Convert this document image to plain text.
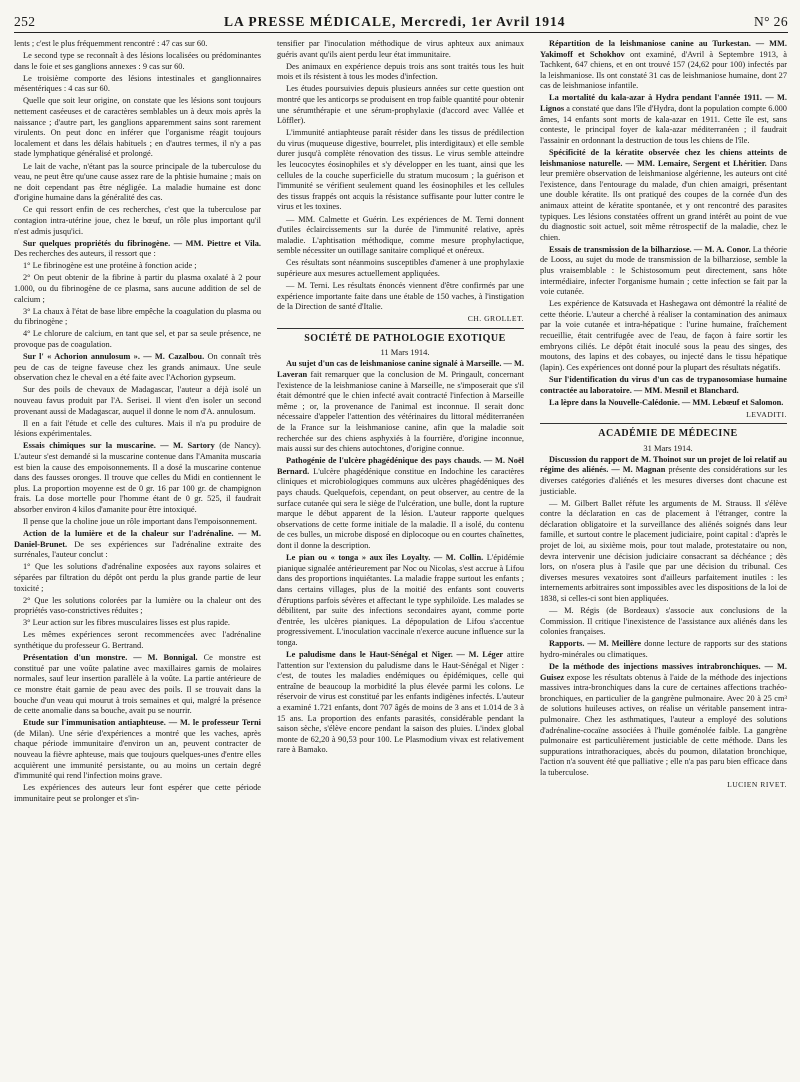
252	LA PRESSE MÉDICALE, Mercredi, 1er Avril 1914	N° 26

lents ; c'est le plus fréquemment rencontré : 47 cas sur 60.

Le second type se reconnaît à des lésions localisées ou prédominantes dans le foie et ses ganglions annexes : 9 cas sur 60.

Le troisième comporte des lésions intestinales et ganglionnaires mésentériques : 4 cas sur 60.

Quelle que soit leur origine, on constate que les lésions sont toujours nettement caséeuses et de caractères semblables un à deux mois après la naissance ; d'autre part, les ganglions apparemment sains sont rarement virulents. On peut donc en inférer que l'organisme réagit toujours localement et dans les délais habituels ; en d'autres termes, il n'y a pas stade lymphatique généralisé et prolongé.

Le lait de vache, n'étant pas la source principale de la tuberculose du veau, ne peut être qu'une cause assez rare de la phtisie humaine ; mais on ne doit cependant pas être négligée. La maladie humaine est donc d'origine humaine dans la généralité des cas.

Ce qui ressort enfin de ces recherches, c'est que la tuberculose par contagion intra-utérine joue, chez le bœuf, un rôle plus important qu'il n'est admis jusqu'ici.

Sur quelques propriétés du fibrinogène. — MM. Piettre et Vila. Des recherches des auteurs, il ressort que :

1° Le fibrinogène est une protéine à fonction acide ;

2° On peut obtenir de la fibrine à partir du plasma oxalaté à 2 pour 1.000, ou du fibrinogène de ce plasma, sans aucune addition de sel de calcium ;

3° La chaux à l'état de base libre empêche la coagulation du plasma ou du fibrinogène ;

4° Le chlorure de calcium, en tant que sel, et par sa seule présence, ne provoque pas de coagulation.

Sur l' « Achorion annulosum ». — M. Cazalbou. On connaît très peu de cas de teigne faveuse chez les grands animaux. Une seule observation chez le cheval en a été faite avec l'Achorion gypseum.

Sur des poils de chevaux de Madagascar, l'auteur a déjà isolé un nouveau favus produit par l'A. Serisei. Il vient d'en isoler un second provenant aussi de Madagascar, auquel il donne le nom d'A. annulosum.

Il en a fait l'étude et celle des cultures. Mais il n'a pu produire de lésions expérimentales.

Essais chimiques sur la muscarine. — M. Sartory (de Nancy). L'auteur s'est demandé si la muscarine contenue dans l'Amanita muscaria est bien la cause des empoisonnements. Il a dosé la muscarine contenue dans des fausses oronges. Il trouve que celles du Midi en contiennent le plus. La proportion moyenne est de 0 gr. 16 par 100 gr. de champignon frais. La dose mortelle pour l'homme étant de 0 gr. 525, il faudrait absorber environ 4 kilos d'amanite pour être intoxiqué.

Il pense que la choline joue un rôle important dans l'empoisonnement.

Action de la lumière et de la chaleur sur l'adrénaline. — M. Daniel-Brunet. De ses expériences sur l'adrénaline extraite des surrénales, l'auteur conclut :

1° Que les solutions d'adrénaline exposées aux rayons solaires et séparées par filtration du dépôt ont perdu la plus grande partie de leur toxicité ;

2° Que les solutions colorées par la lumière ou la chaleur ont des propriétés vaso-constrictives réduites ;

3° Leur action sur les fibres musculaires lisses est plus rapide.

Les mêmes expériences seront recommencées avec l'adrénaline synthétique du professeur G. Bertrand.

Présentation d'un monstre. — M. Bonnigal. Ce monstre est constitué par une voûte palatine avec maxillaires garnis de molaires normales, sauf leur insertion parallèle à la voûte. La partie antérieure de ce monstre était garnie de peau avec des poils. Il se trouvait dans la bouche d'un veau qui mourut à trois semaines et qui, malgré la présence de cette anomalie dans sa bouche, avait pu se nourrir.

Etude sur l'immunisation antiaphteuse. — M. le professeur Terni (de Milan). Une série d'expériences a montré que les vaches, après chaque période immunitaire d'environ un an, peuvent contracter de nouveau la fièvre aphteuse, mais que toujours quelques-unes d'entre elles acquièrent une immunité persistante, ou au moins un certain degré d'immunité qui rend l'infection moins grave.

Les expériences des auteurs leur font espérer que cette période immunitaire peut se prolonger et s'in-

tensifier par l'inoculation méthodique de virus aphteux aux animaux guéris avant qu'ils aient perdu leur état immunitaire.

Des animaux en expérience depuis trois ans sont traités tous les huit mois et ils résistent à tous les modes d'infection.

Les études poursuivies depuis plusieurs années sur cette question ont montré que les anticorps se produisent en trop faible quantité pour obtenir une sérumthérapie et une sérum-prophylaxie (d'accord avec Vallée et Löffler).

L'immunité antiaphteuse paraît résider dans les tissus de prédilection du virus (muqueuse digestive, bourrelet, plis interdigitaux) et elle semble durer jusqu'à complète rénovation des tissus. Le virus semble atteindre les leucocytes éosinophiles et s'y développer en les tuant, ainsi que les cellules de la couche superficielle du stratum mucosum ; la guérison et l'immunité se vérifient seulement quand les éosinophiles et les cellules des tissus frappés ont acquis la résistance suffisante pour lutter contre le virus et les toxines.

— MM. Calmette et Guérin. Les expériences de M. Terni donnent d'utiles éclaircissements sur la durée de l'immunité relative, après maladie. L'aphtisation méthodique, comme mesure prophylactique, semble nécessiter un outillage sanitaire compliqué et onéreux.

Ces résultats sont néanmoins susceptibles d'amener à une prophylaxie supérieure aux mesures actuellement appliquées.

— M. Terni. Les résultats énoncés viennent d'être confirmés par une expérience importante faite dans une étable de 150 vaches, à l'instigation de la Direction de santé d'Italie.

CH. GROLLET.

SOCIÉTÉ DE PATHOLOGIE EXOTIQUE

11 Mars 1914.

Au sujet d'un cas de leishmaniose canine signalé à Marseille. — M. Laveran fait remarquer que la conclusion de M. Pringault, concernant l'existence de la leishmaniose canine à Marseille, ne s'imposerait que s'il était démontré que le chien infecté avait contracté l'infection à Marseille même ; or, la provenance de l'animal est inconnue. Il serait donc nécessaire d'appeler l'attention des vétérinaires du littoral méditerranéen de la France sur la leishmaniose canine, afin que la maladie soit recherchée sur des chiens asphyxiés à la fourrière, d'origine inconnue, mais aussi sur des chiens autochtones, d'origine connue.

Pathogénie de l'ulcère phagédénique des pays chauds. — M. Noël Bernard. L'ulcère phagédénique constitue en Indochine les caractères cliniques et microbiologiques communs aux ulcères phagédéniques des pays chauds. Quelquefois, cependant, on peut observer, au centre de la surface cutanée qui sera le siège de l'ulcération, une bulle, dont la rupture marque le début apparent de la lésion. L'auteur rapporte quelques observations de cette forme initiale de la maladie. Il a isolé, du contenu de ces bulles, un microbe disposé en diplocoque ou en courtes chaînettes, dont il donne la description.

Le pian ou « tonga » aux îles Loyalty. — M. Collin. L'épidémie pianique signalée antérieurement par Noc ou Nicolas, s'est accrue à Lifou dans des proportions inquiétantes. La maladie frappe surtout les enfants ; dans certains villages, plus de la moitié des enfants sont couverts d'éruptions parfois sévères et affectant le type syphiloïde. Les malades se débilitent, par suite des infections secondaires ayant, comme porte d'entrée, les ulcères pianiques. La dépopulation de Lifou s'accentue progressivement. L'inoculation vaccinale n'exerce aucune influence sur la tonga.

Le paludisme dans le Haut-Sénégal et Niger. — M. Léger attire l'attention sur l'extension du paludisme dans le Haut-Sénégal et Niger : c'est, de toutes les maladies endémiques ou épidémiques, celle qui entraîne de beaucoup la morbidité la plus élevée parmi les colons. Le réservoir de virus est constitué par les enfants indigènes infectés. L'auteur a examiné 1.721 enfants, dont 707 âgés de moins de 3 ans et 1.014 de 3 à 15 ans. La proportion des enfants parasités, considérable pendant la saison sèche, s'élève encore pendant la saison des pluies. L'index global monte de 62,20 à 90,53 pour 100. Le Plasmodium vivax est relativement rare à Bamako.

Répartition de la leishmaniose canine au Turkestan. — MM. Yakimoff et Schokhov ont examiné, d'Avril à Septembre 1913, à Tachkent, 647 chiens, et en ont trouvé 157 (24,62 pour 100) infectés par la leishmaniose. Ils ont constaté 31 cas de leishmaniose humaine, dont 27 cas de leishmaniose infantile.

La mortalité du kala-azar à Hydra pendant l'année 1911. — M. Lignos a constaté que dans l'île d'Hydra, dont la population compte 6.000 âmes, 14 enfants sont morts de kala-azar en 1911. Cette île est, sans conteste, le principal foyer de kala-azar méditerranéen ; il faudrait l'assainir en ordonnant la destruction de tous les chiens de l'île.

Spécificité de la kératite observée chez les chiens atteints de leishmaniose naturelle. — MM. Lemaire, Sergent et Lhéritier. Dans leur première observation de leishmaniose algérienne, les auteurs ont cité l'existence, dans l'entourage du malade, d'un chien amaigri, présentant une double kératite. Ils ont pratiqué des coupes de la cornée d'un des animaux atteint de kératite spontanée, et y ont rencontré des parasites typiques. Les lésions constatées offrent un grand intérêt au point de vue du diagnostic soit actuel, soit même rétrospectif de la maladie, chez le chien.

Essais de transmission de la bilharziose. — M. A. Conor. La théorie de Looss, au sujet du mode de transmission de la bilharziose, semble la plus vraisemblable : le Schistosomum peut directement, sans hôte intermédiaire, infecter l'organisme humain ; cette infection se fait par la voie cutanée.

Les expérience de Katsuvada et Hashegawa ont démontré la réalité de cette théorie. L'auteur a cherché à réaliser la contamination des animaux par la voie cutanée et intra-hépatique : l'urine humaine, fraîchement recueillie, était centrifugée avec de l'eau, de façon à faire sortir les embryons ciliés. Le dépôt était inoculé sous la peau des singes, des moutons, des lapins et des cobayes, ou injecté dans le tissu hépatique (lapin). Ces expériences ont donné pour la plupart des résultats négatifs.

Sur l'identification du virus d'un cas de trypanosomiase humaine contractée au laboratoire. — MM. Mesnil et Blanchard.

La lèpre dans la Nouvelle-Calédonie. — MM. Lebœuf et Salomon.

LEVADITI.

ACADÉMIE DE MÉDECINE

31 Mars 1914.

Discussion du rapport de M. Thoinot sur un projet de loi relatif au régime des aliénés. — M. Magnan présente des considérations sur les diverses catégories d'aliénés et les mesures diverses dont chacune est justiciable.

— M. Gilbert Ballet réfute les arguments de M. Strauss. Il s'élève contre la déclaration en cas de placement à l'étranger, contre la déclaration obligatoire et la surveillance des aliénés soignés dans leur famille, et surtout contre le placement judiciaire, point capital : d'après le projet de loi, au sixième mois, pour tout malade, protestataire ou non, devra intervenir une décision judiciaire consacrant sa déchéance ; dès lors, on n'osera plus à l'asile que par une décision du tribunal. Ces diverses mesures vexatoires sont d'ailleurs parfaitement inutiles : les internements arbitraires sont impossibles avec les dispositions de la loi de 1838, si celles-ci sont bien appliquées.

— M. Régis (de Bordeaux) s'associe aux conclusions de la Commission. Il critique l'inexistence de l'assistance aux aliénés dans les colonies françaises.

Rapports. — M. Meillère donne lecture de rapports sur des stations hydro-minérales ou climatiques.

De la méthode des injections massives intrabronchiques. — M. Guisez expose les résultats obtenus à l'aide de la méthode des injections massives intra-bronchiques dans la cure de certaines affections trachéo-bronchiques, en particulier de la gangrène pulmonaire. Avec 20 à 25 cm³ de solutions huileuses actives, on réalise un véritable pansement intra-pulmonaire. Chez les asthmatiques, l'auteur a employé des solutions d'adrénaline-cocaïne associées à l'huile goménolée faible. La gangrène pulmonaire est particulièrement justiciable de cette méthode. Dans les suppurations intrathoraciques, abcès du poumon, dilatation bronchique, l'action n'a souvent été que palliative ; elle n'a pas paru bien efficace dans la tuberculose.

LUCIEN RIVET.
